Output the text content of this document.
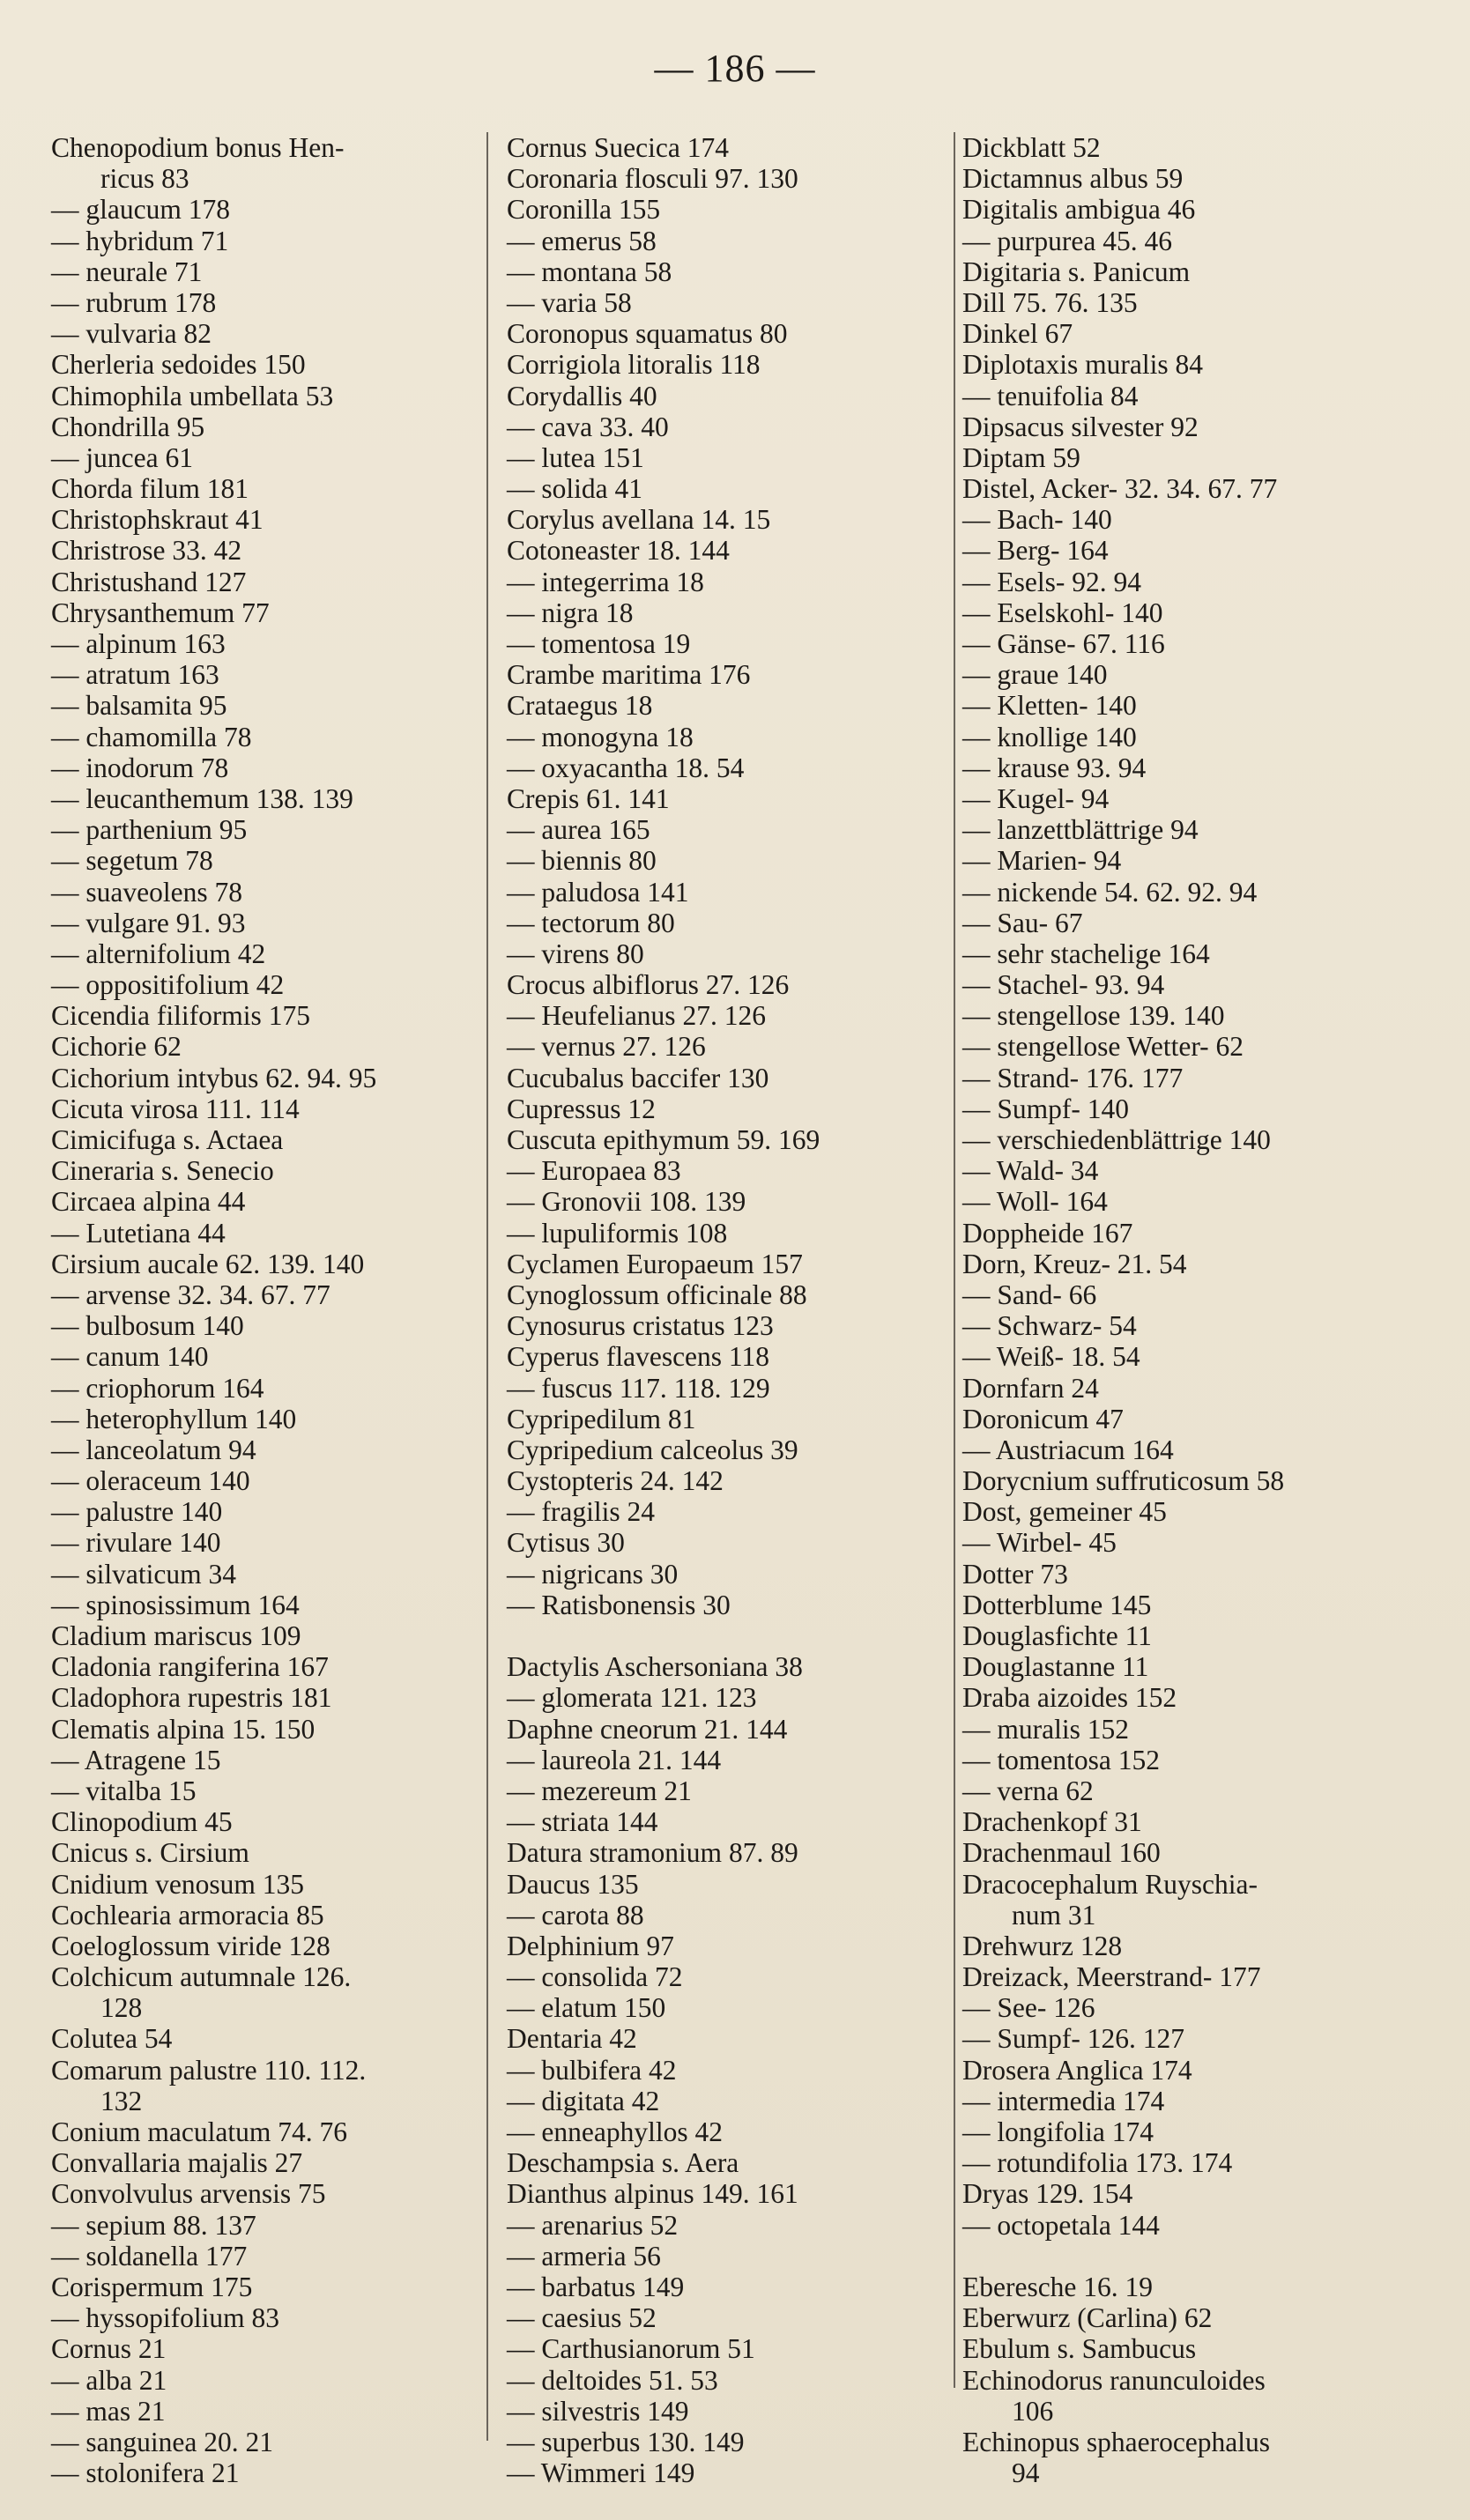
— 186 —
Chenopodium bonus Hen-
ricus 83
— glaucum 178
— hybridum 71
— neurale 71
— rubrum 178
— vulvaria 82
Cherleria sedoides 150
Chimophila umbellata 53
Chondrilla 95
— juncea 61
Chorda filum 181
Christophskraut 41
Christrose 33. 42
Christushand 127
Chrysanthemum 77
— alpinum 163
— atratum 163
— balsamita 95
— chamomilla 78
— inodorum 78
— leucanthemum 138. 139
— parthenium 95
— segetum 78
— suaveolens 78
— vulgare 91. 93
— alternifolium 42
— oppositifolium 42
Cicendia filiformis 175
Cichorie 62
Cichorium intybus 62. 94. 95
Cicuta virosa 111. 114
Cimicifuga s. Actaea
Cineraria s. Senecio
Circaea alpina 44
— Lutetiana 44
Cirsium aucale 62. 139. 140
— arvense 32. 34. 67. 77
— bulbosum 140
— canum 140
— criophorum 164
— heterophyllum 140
— lanceolatum 94
— oleraceum 140
— palustre 140
— rivulare 140
— silvaticum 34
— spinosissimum 164
Cladium mariscus 109
Cladonia rangiferina 167
Cladophora rupestris 181
Clematis alpina 15. 150
— Atragene 15
— vitalba 15
Clinopodium 45
Cnicus s. Cirsium
Cnidium venosum 135
Cochlearia armoracia 85
Coeloglossum viride 128
Colchicum autumnale 126.
128
Colutea 54
Comarum palustre 110. 112.
132
Conium maculatum 74. 76
Convallaria majalis 27
Convolvulus arvensis 75
— sepium 88. 137
— soldanella 177
Corispermum 175
— hyssopifolium 83
Cornus 21
— alba 21
— mas 21
— sanguinea 20. 21
— stolonifera 21
Cornus Suecica 174
Coronaria flosculi 97. 130
Coronilla 155
— emerus 58
— montana 58
— varia 58
Coronopus squamatus 80
Corrigiola litoralis 118
Corydallis 40
— cava 33. 40
— lutea 151
— solida 41
Corylus avellana 14. 15
Cotoneaster 18. 144
— integerrima 18
— nigra 18
— tomentosa 19
Crambe maritima 176
Crataegus 18
— monogyna 18
— oxyacantha 18. 54
Crepis 61. 141
— aurea 165
— biennis 80
— paludosa 141
— tectorum 80
— virens 80
Crocus albiflorus 27. 126
— Heufelianus 27. 126
— vernus 27. 126
Cucubalus baccifer 130
Cupressus 12
Cuscuta epithymum 59. 169
— Europaea 83
— Gronovii 108. 139
— lupuliformis 108
Cyclamen Europaeum 157
Cynoglossum officinale 88
Cynosurus cristatus 123
Cyperus flavescens 118
— fuscus 117. 118. 129
Cypripedilum 81
Cypripedium calceolus 39
Cystopteris 24. 142
— fragilis 24
Cytisus 30
— nigricans 30
— Ratisbonensis 30
Dactylis Aschersoniana 38
— glomerata 121. 123
Daphne cneorum 21. 144
— laureola 21. 144
— mezereum 21
— striata 144
Datura stramonium 87. 89
Daucus 135
— carota 88
Delphinium 97
— consolida 72
— elatum 150
Dentaria 42
— bulbifera 42
— digitata 42
— enneaphyllos 42
Deschampsia s. Aera
Dianthus alpinus 149. 161
— arenarius 52
— armeria 56
— barbatus 149
— caesius 52
— Carthusianorum 51
— deltoides 51. 53
— silvestris 149
— superbus 130. 149
— Wimmeri 149
Dickblatt 52
Dictamnus albus 59
Digitalis ambigua 46
— purpurea 45. 46
Digitaria s. Panicum
Dill 75. 76. 135
Dinkel 67
Diplotaxis muralis 84
— tenuifolia 84
Dipsacus silvester 92
Diptam 59
Distel, Acker- 32. 34. 67. 77
— Bach- 140
— Berg- 164
— Esels- 92. 94
— Eselskohl- 140
— Gänse- 67. 116
— graue 140
— Kletten- 140
— knollige 140
— krause 93. 94
— Kugel- 94
— lanzettblättrige 94
— Marien- 94
— nickende 54. 62. 92. 94
— Sau- 67
— sehr stachelige 164
— Stachel- 93. 94
— stengellose 139. 140
— stengellose Wetter- 62
— Strand- 176. 177
— Sumpf- 140
— verschiedenblättrige 140
— Wald- 34
— Woll- 164
Doppheide 167
Dorn, Kreuz- 21. 54
— Sand- 66
— Schwarz- 54
— Weiß- 18. 54
Dornfarn 24
Doronicum 47
— Austriacum 164
Dorycnium suffruticosum 58
Dost, gemeiner 45
— Wirbel- 45
Dotter 73
Dotterblume 145
Douglasfichte 11
Douglastanne 11
Draba aizoides 152
— muralis 152
— tomentosa 152
— verna 62
Drachenkopf 31
Drachenmaul 160
Dracocephalum Ruyschia-
num 31
Drehwurz 128
Dreizack, Meerstrand- 177
— See- 126
— Sumpf- 126. 127
Drosera Anglica 174
— intermedia 174
— longifolia 174
— rotundifolia 173. 174
Dryas 129. 154
— octopetala 144
Eberesche 16. 19
Eberwurz (Carlina) 62
Ebulum s. Sambucus
Echinodorus ranunculoides
106
Echinopus sphaerocephalus
94
